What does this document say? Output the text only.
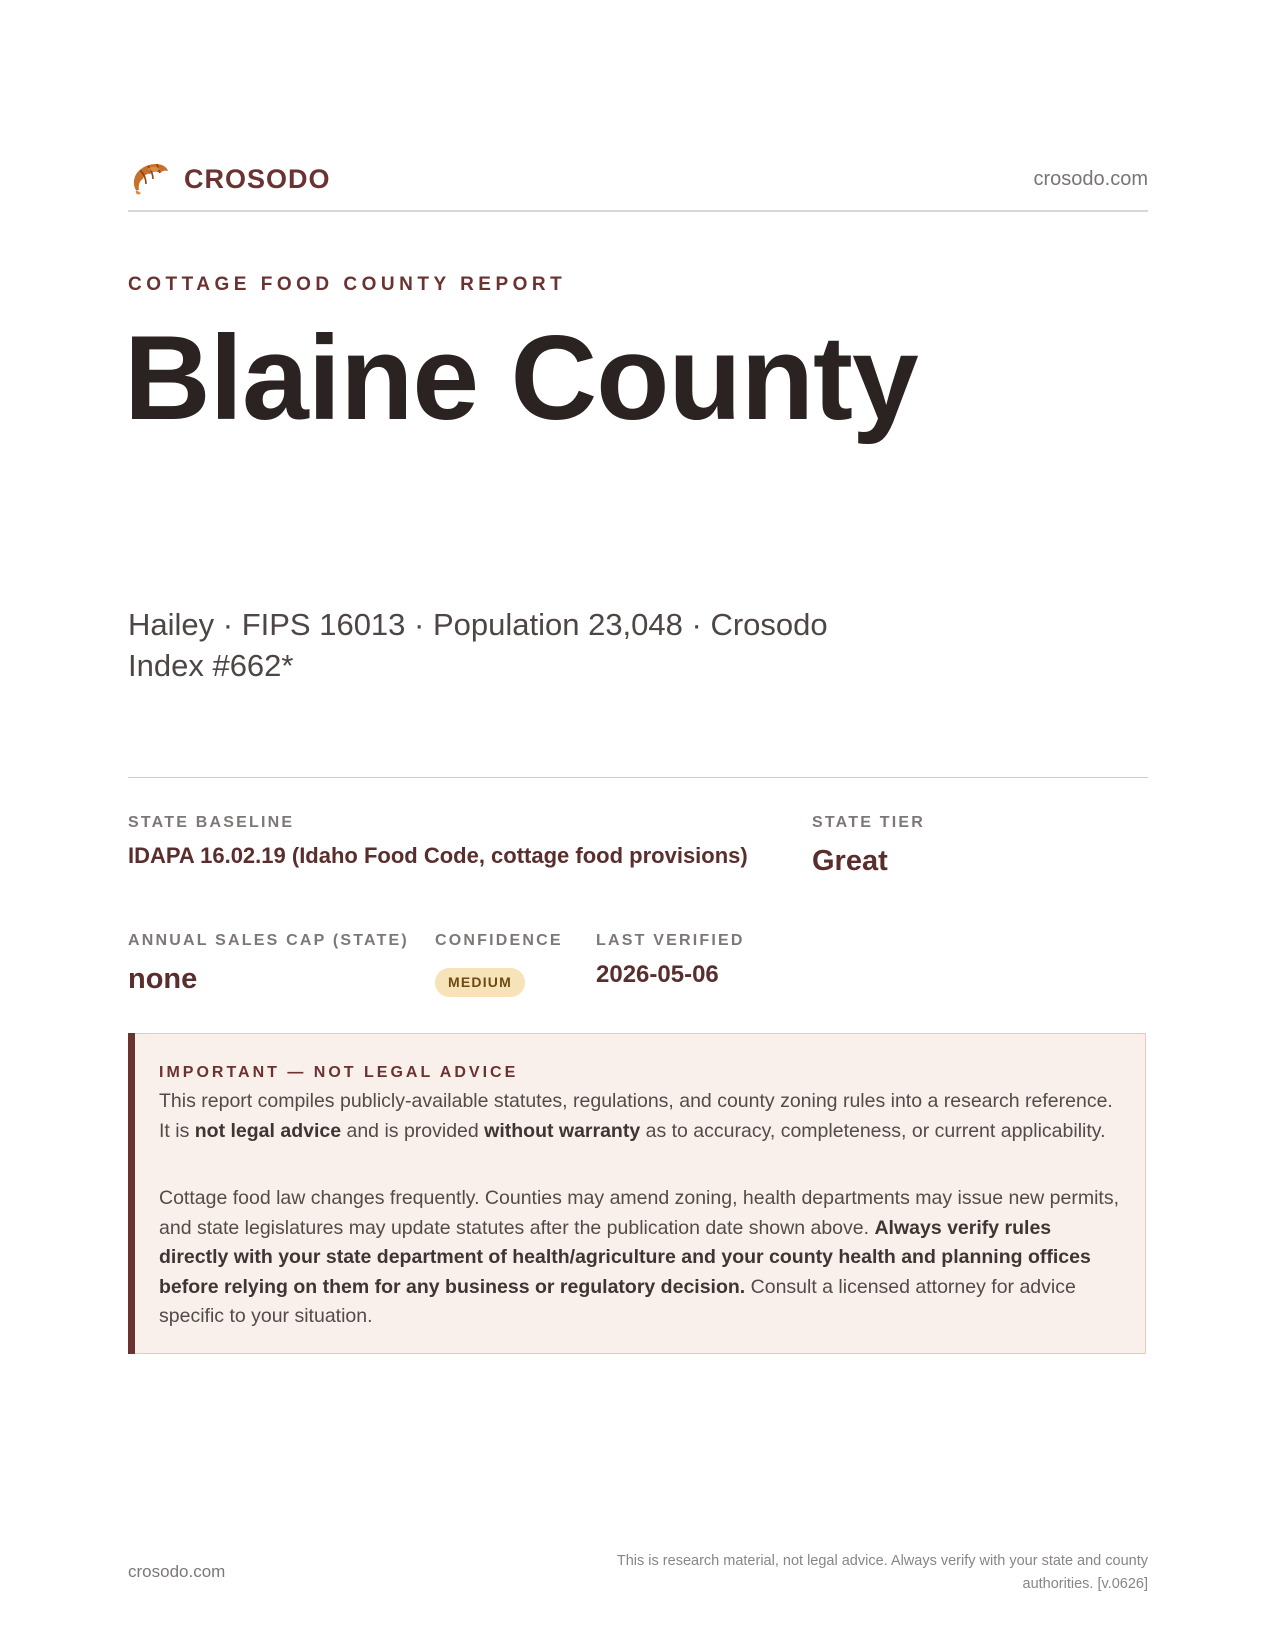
CROSODO	crosodo.com
COTTAGE FOOD COUNTY REPORT
Blaine County
Hailey · FIPS 16013 · Population 23,048 · Crosodo Index #662*
STATE BASELINE
IDAPA 16.02.19 (Idaho Food Code, cottage food provisions)
STATE TIER
Great
ANNUAL SALES CAP (STATE)
none
CONFIDENCE
MEDIUM
LAST VERIFIED
2026-05-06
IMPORTANT — NOT LEGAL ADVICE

This report compiles publicly-available statutes, regulations, and county zoning rules into a research reference. It is not legal advice and is provided without warranty as to accuracy, completeness, or current applicability.

Cottage food law changes frequently. Counties may amend zoning, health departments may issue new permits, and state legislatures may update statutes after the publication date shown above. Always verify rules directly with your state department of health/agriculture and your county health and planning offices before relying on them for any business or regulatory decision. Consult a licensed attorney for advice specific to your situation.

crosodo.com
This is research material, not legal advice. Always verify with your state and county authorities. [v.0626]
